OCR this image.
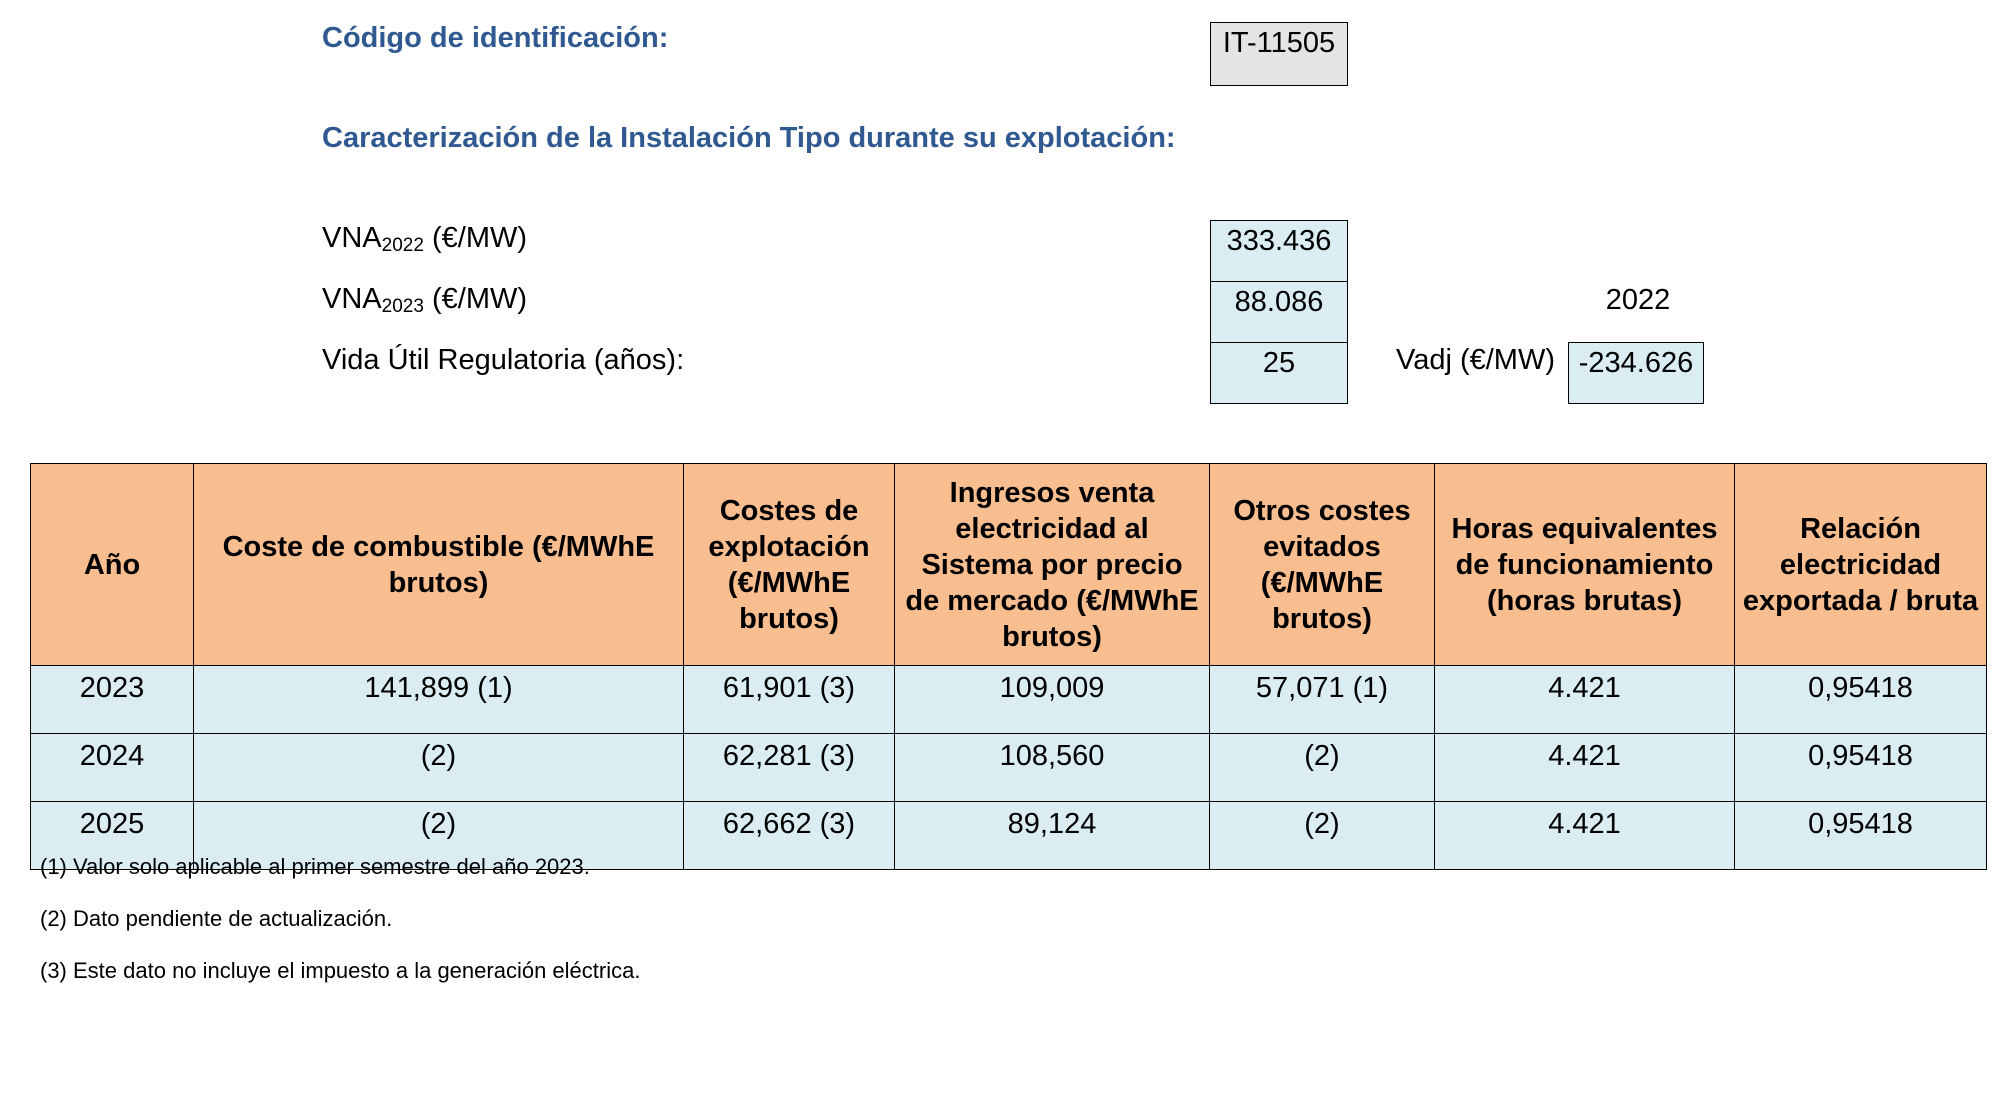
Código de identificación:	IT-11505
Caracterización de la Instalación Tipo durante su explotación:
$VNA_{2022}$ (€/MW)	333.436
$VNA_{2023}$ (€/MW)	88.086	2022
Vida Útil Regulatoria (años):	25	Vadj (€/MW) -234.626
Año	Coste de combustible (€/MWhE brutos)	Costes de explotación (€/MWhE brutos)	Ingresos venta electricidad al Sistema por precio de mercado (€/MWhE brutos)	Otros costes evitados (€/MWhE brutos)	Horas equivalentes de funcionamiento (horas brutas)	Relación electricidad exportada / bruta
2023	141,899 (1)	61,901 (3)	109,009	57,071 (1)	4.421	0,95418
2024	(2)	62,281 (3)	108,560	(2)	4.421	0,95418
2025	(2)	62,662 (3)	89,124	(2)	4.421	0,95418
(1) Valor solo aplicable al primer semestre del año 2023.
(2) Dato pendiente de actualización.
(3) Este dato no incluye el impuesto a la generación eléctrica.
